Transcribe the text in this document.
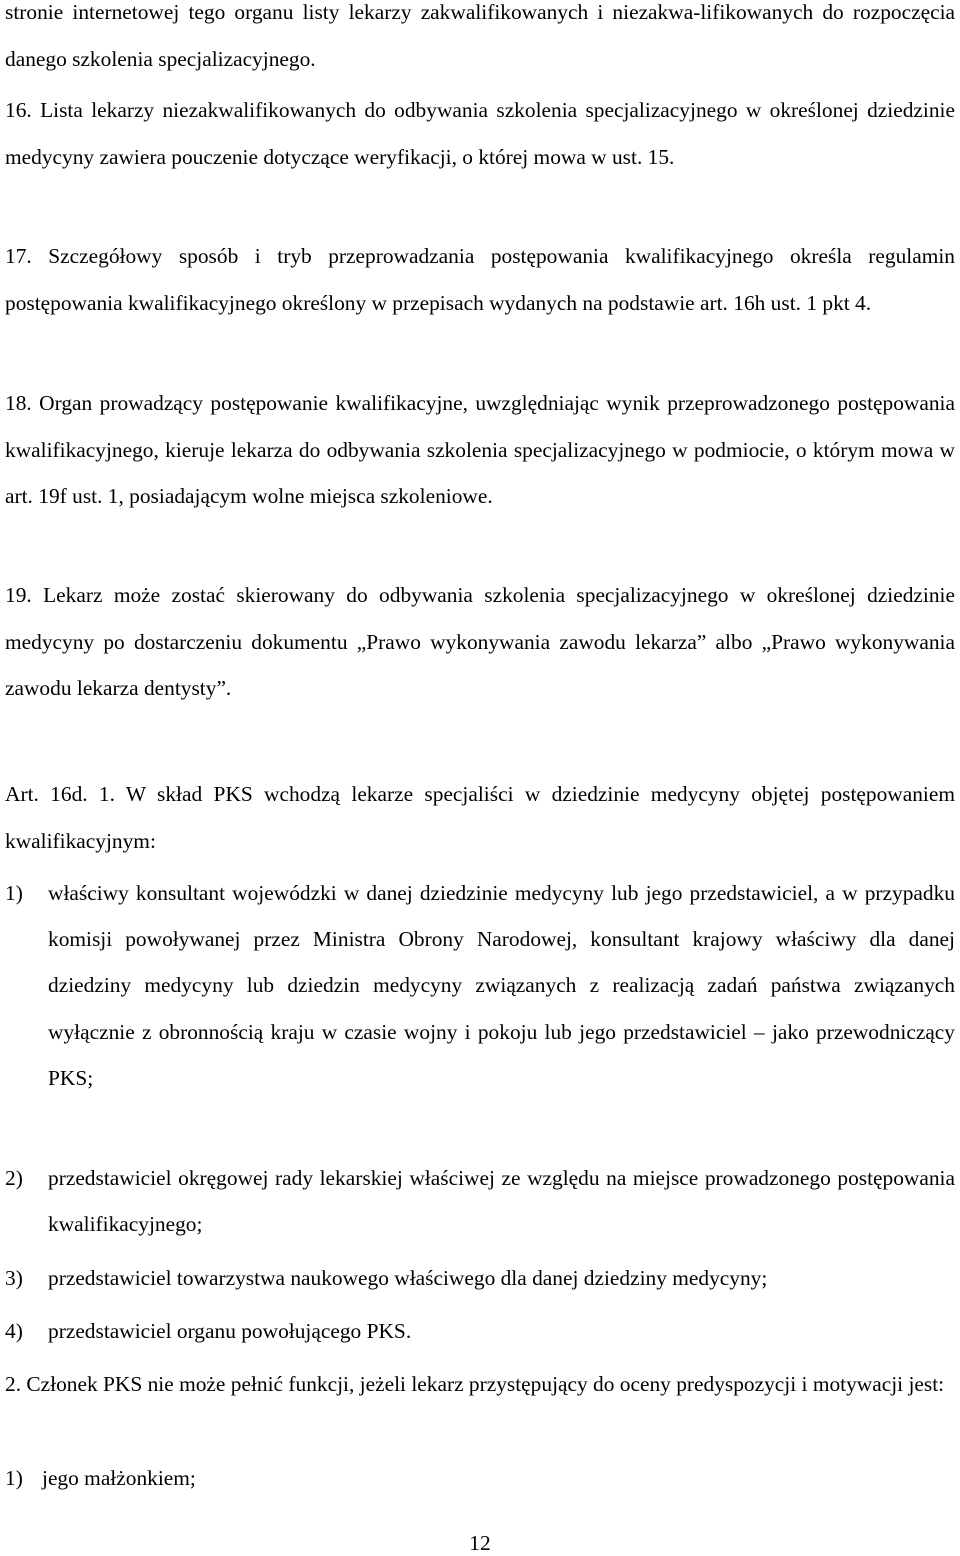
stronie internetowej tego organu listy lekarzy zakwalifikowanych i niezakwa-lifikowanych do rozpoczęcia danego szkolenia specjalizacyjnego.

16. Lista lekarzy niezakwalifikowanych do odbywania szkolenia specjalizacyjnego w określonej dziedzinie medycyny zawiera pouczenie dotyczące weryfikacji, o której mowa w ust. 15.

17. Szczegółowy sposób i tryb przeprowadzania postępowania kwalifikacyjnego określa regulamin postępowania kwalifikacyjnego określony w przepisach wydanych na podstawie art. 16h ust. 1 pkt 4.

18. Organ prowadzący postępowanie kwalifikacyjne, uwzględniając wynik przeprowadzonego postępowania kwalifikacyjnego, kieruje lekarza do odbywania szkolenia specjalizacyjnego w podmiocie, o którym mowa w art. 19f ust. 1, posiadającym wolne miejsca szkoleniowe.

19. Lekarz może zostać skierowany do odbywania szkolenia specjalizacyjnego w określonej dziedzinie medycyny po dostarczeniu dokumentu „Prawo wykonywania zawodu lekarza” albo „Prawo wykonywania zawodu lekarza dentysty”.

Art. 16d. 1. W skład PKS wchodzą lekarze specjaliści w dziedzinie medycyny objętej postępowaniem kwalifikacyjnym:

1) właściwy konsultant wojewódzki w danej dziedzinie medycyny lub jego przedstawiciel, a w przypadku komisji powoływanej przez Ministra Obrony Narodowej, konsultant krajowy właściwy dla danej dziedziny medycyny lub dziedzin medycyny związanych z realizacją zadań państwa związanych wyłącznie z obronnością kraju w czasie wojny i pokoju lub jego przedstawiciel – jako przewodniczący PKS;
2) przedstawiciel okręgowej rady lekarskiej właściwej ze względu na miejsce prowadzonego postępowania kwalifikacyjnego;
3) przedstawiciel towarzystwa naukowego właściwego dla danej dziedziny medycyny;
4) przedstawiciel organu powołującego PKS.

2. Członek PKS nie może pełnić funkcji, jeżeli lekarz przystępujący do oceny predyspozycji i motywacji jest:

1) jego małżonkiem;
12
